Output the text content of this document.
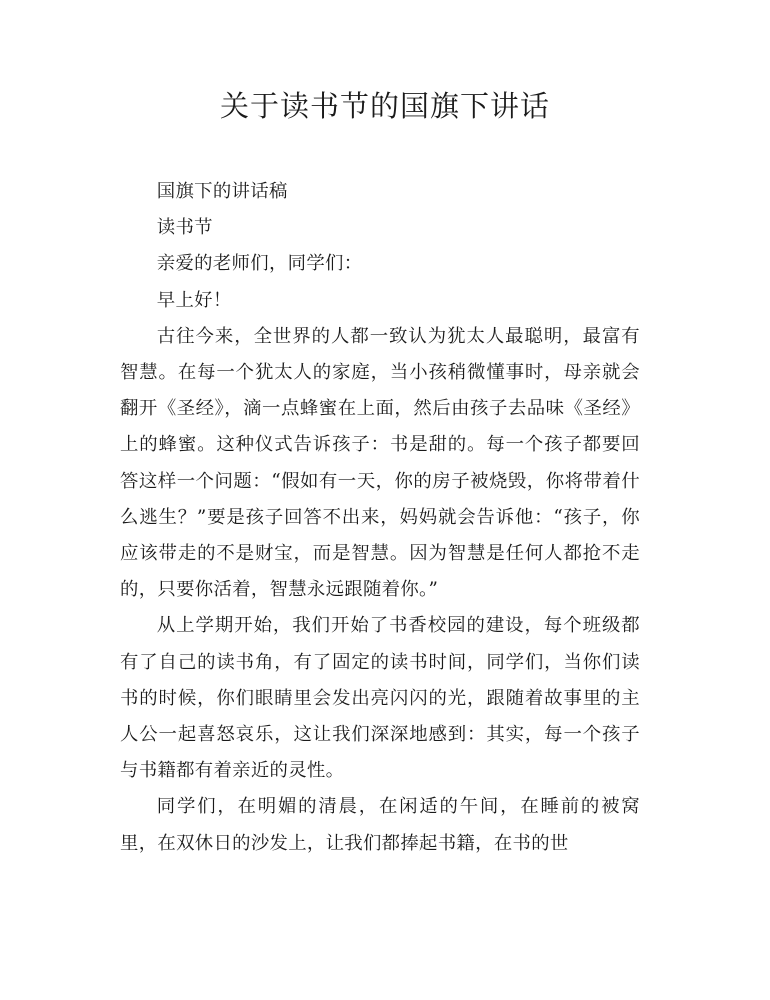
关于读书节的国旗下讲话

国旗下的讲话稿

读书节

亲爱的老师们，同学们：

早上好！

古往今来，全世界的人都一致认为犹太人最聪明，最富有智慧。在每一个犹太人的家庭，当小孩稍微懂事时，母亲就会翻开《圣经》，滴一点蜂蜜在上面，然后由孩子去品味《圣经》上的蜂蜜。这种仪式告诉孩子：书是甜的。每一个孩子都要回答这样一个问题：“假如有一天，你的房子被烧毁，你将带着什么逃生？”要是孩子回答不出来，妈妈就会告诉他：“孩子，你应该带走的不是财宝，而是智慧。因为智慧是任何人都抢不走的，只要你活着，智慧永远跟随着你。”

从上学期开始，我们开始了书香校园的建设，每个班级都有了自己的读书角，有了固定的读书时间，同学们，当你们读书的时候，你们眼睛里会发出亮闪闪的光，跟随着故事里的主人公一起喜怒哀乐，这让我们深深地感到：其实，每一个孩子与书籍都有着亲近的灵性。

同学们，在明媚的清晨，在闲适的午间，在睡前的被窝里，在双休日的沙发上，让我们都捧起书籍，在书的世
